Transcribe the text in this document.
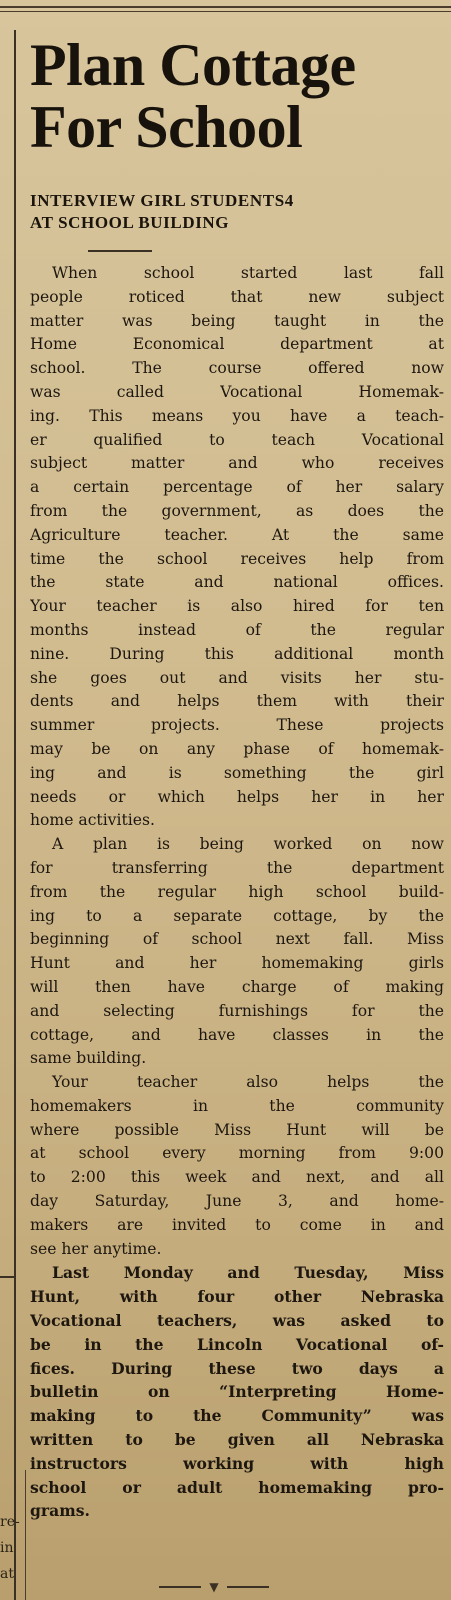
re-
in
at
Plan Cottage
For School
INTERVIEW GIRL STUDENTS4
AT SCHOOL BUILDING

When school started last fall
people roticed that new subject
matter was being taught in the
Home Economical department at
school. The course offered now
was called Vocational Homemak-
ing. This means you have a teach-
er qualified to teach Vocational
subject matter and who receives
a certain percentage of her salary
from the government, as does the
Agriculture teacher. At the same
time the school receives help from
the state and national offices.
Your teacher is also hired for ten
months instead of the regular
nine. During this additional month
she goes out and visits her stu-
dents and helps them with their
summer projects. These projects
may be on any phase of homemak-
ing and is something the girl
needs or which helps her in her
home activities.

A plan is being worked on now
for transferring the department
from the regular high school build-
ing to a separate cottage, by the
beginning of school next fall. Miss
Hunt and her homemaking girls
will then have charge of making
and selecting furnishings for the
cottage, and have classes in the
same building.

Your teacher also helps the
homemakers in the community
where possible Miss Hunt will be
at school every morning from 9:00
to 2:00 this week and next, and all
day Saturday, June 3, and home-
makers are invited to come in and
see her anytime.

Last Monday and Tuesday, Miss
Hunt, with four other Nebraska
Vocational teachers, was asked to
be in the Lincoln Vocational of-
fices. During these two days a
bulletin on “Interpreting Home-
making to the Community” was
written to be given all Nebraska
instructors working with high
school or adult homemaking pro-
grams.

▼
